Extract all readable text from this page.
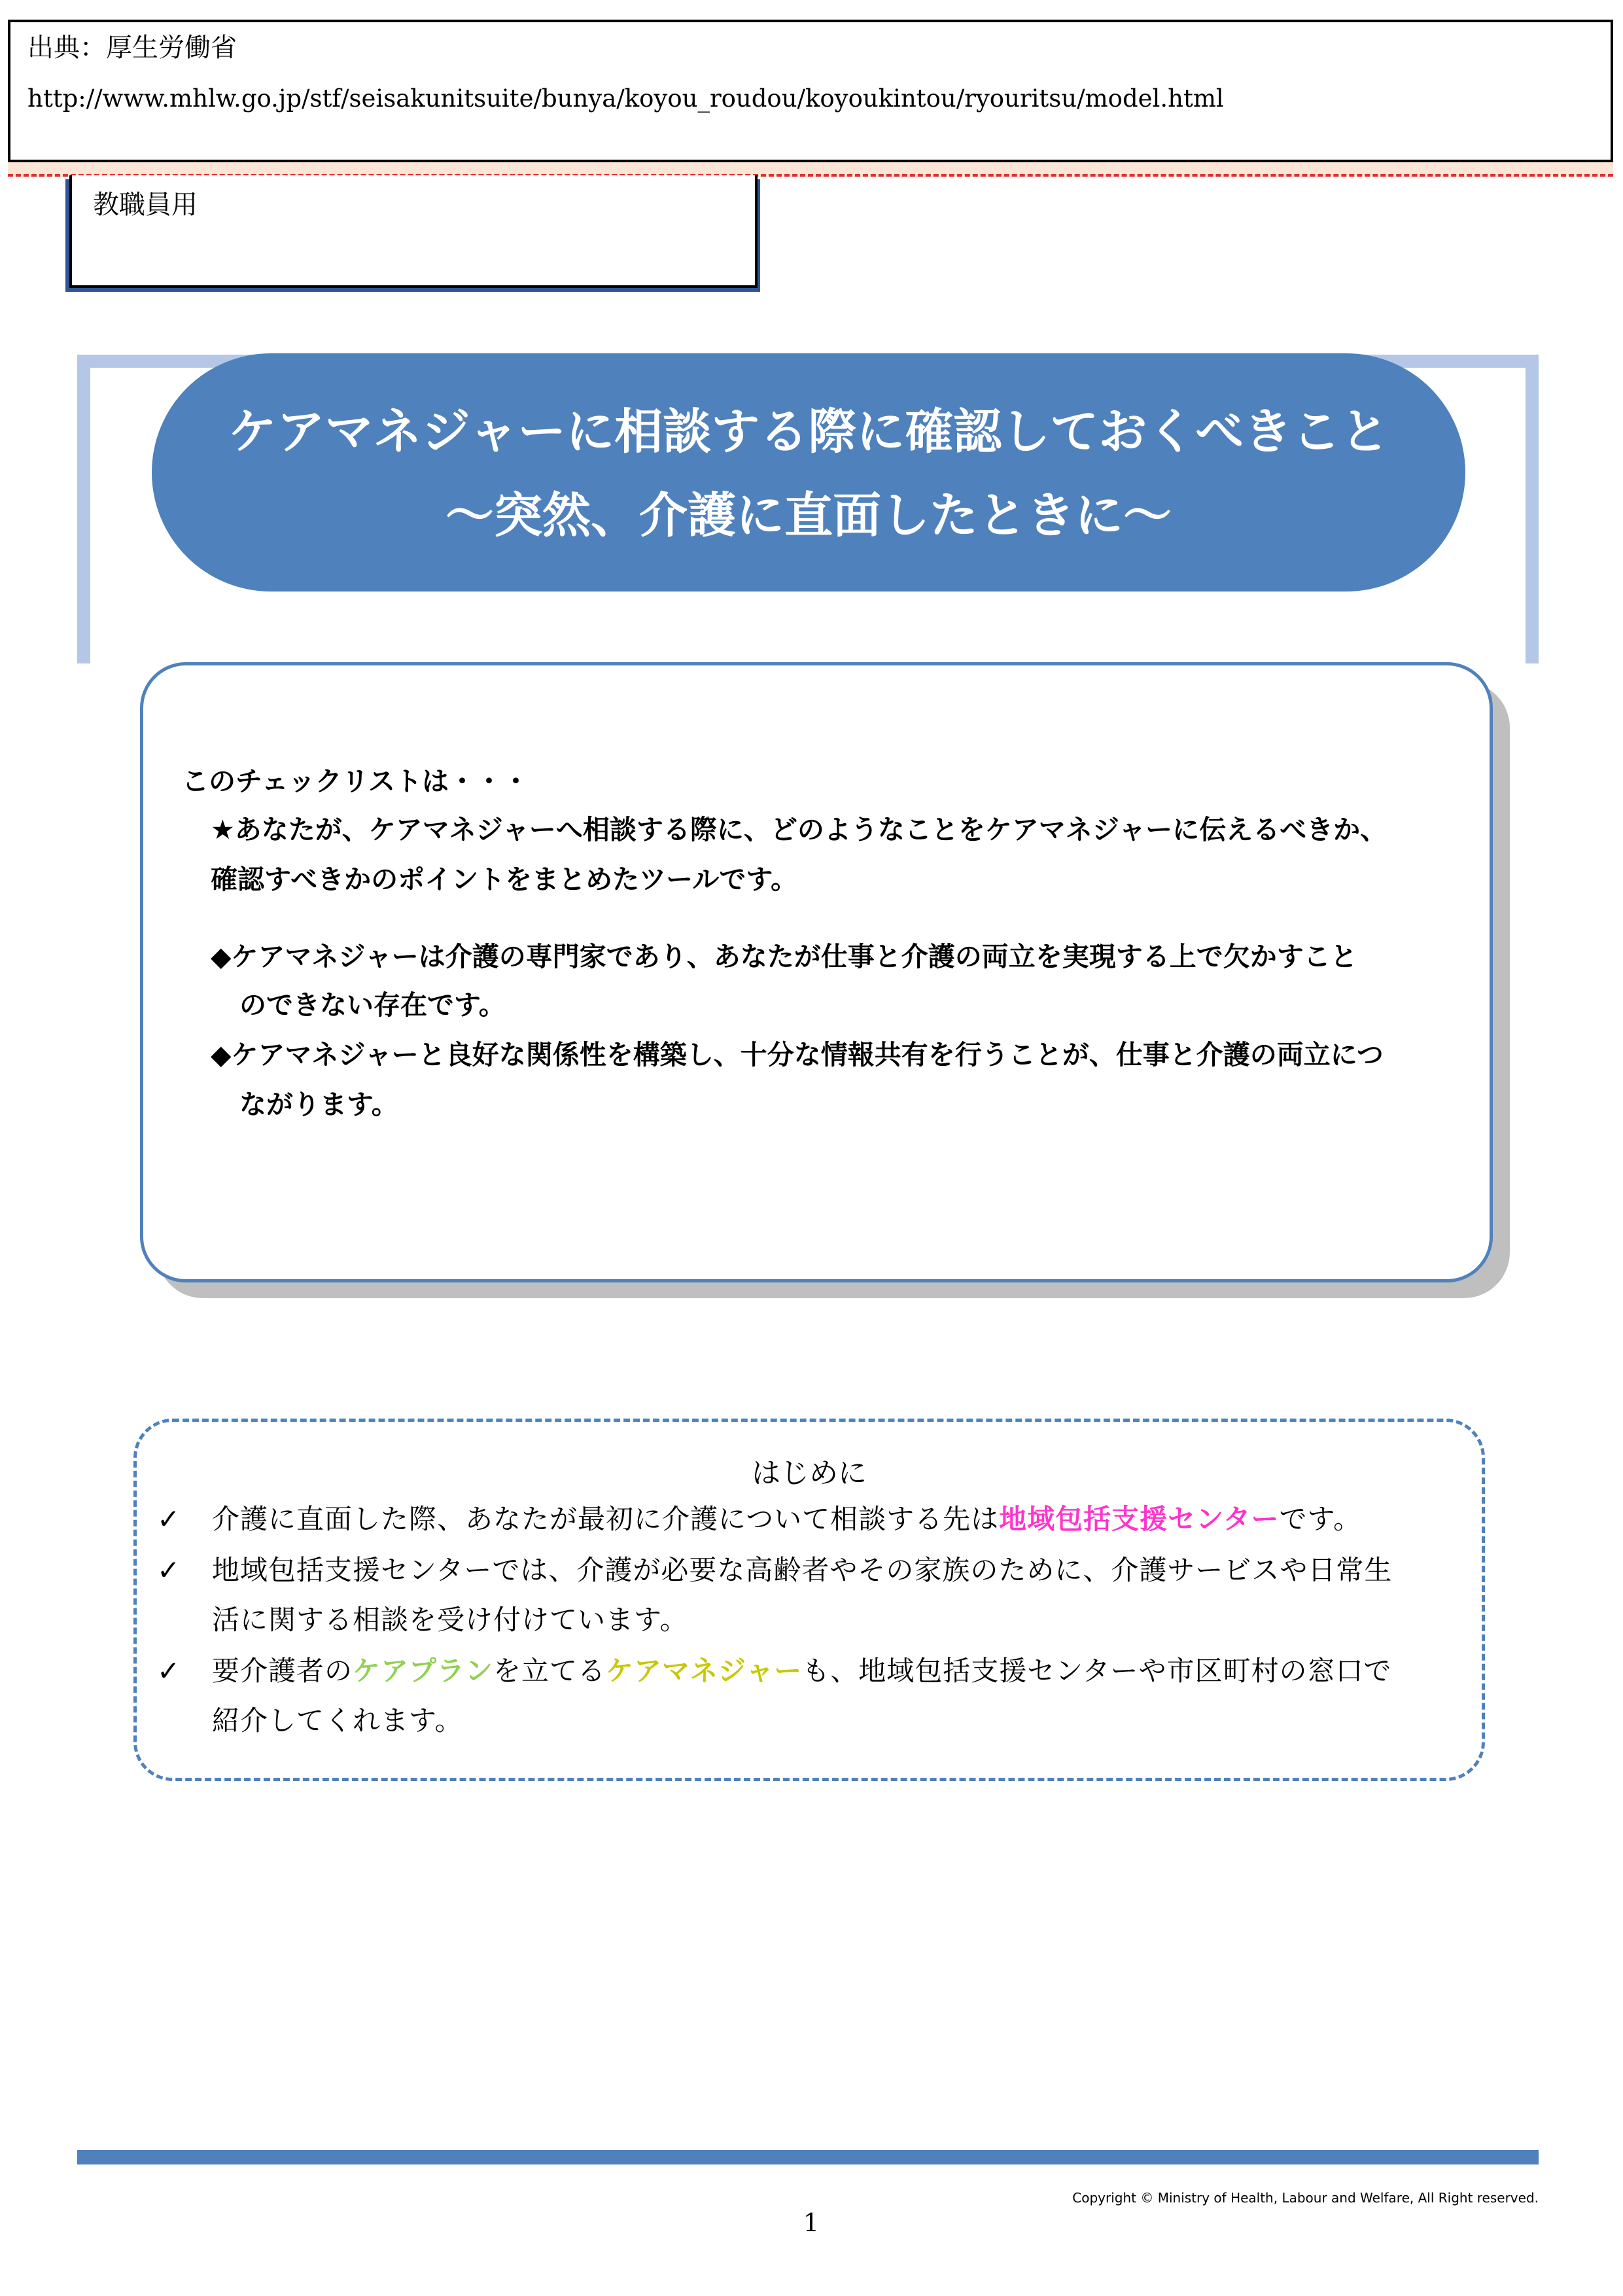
出典：厚生労働省
http://www.mhlw.go.jp/stf/seisakunitsuite/bunya/koyou_roudou/koyoukintou/ryouritsu/model.html
教職員用
ケアマネジャーに相談する際に確認しておくべきこと
～突然、介護に直面したときに～
このチェックリストは・・・
★あなたが、ケアマネジャーへ相談する際に、どのようなことをケアマネジャーに伝えるべきか、
確認すべきかのポイントをまとめたツールです。
◆ケアマネジャーは介護の専門家であり、あなたが仕事と介護の両立を実現する上で欠かすこと
のできない存在です。
◆ケアマネジャーと良好な関係性を構築し、十分な情報共有を行うことが、仕事と介護の両立につ
ながります。
はじめに
✓
✓
✓
介護に直面した際、あなたが最初に介護について相談する先は地域包括支援センターです。
地域包括支援センターでは、介護が必要な高齢者やその家族のために、介護サービスや日常生
活に関する相談を受け付けています。
要介護者のケアプランを立てるケアマネジャーも、地域包括支援センターや市区町村の窓口で
紹介してくれます。
Copyright © Ministry of Health, Labour and Welfare, All Right reserved.
1
